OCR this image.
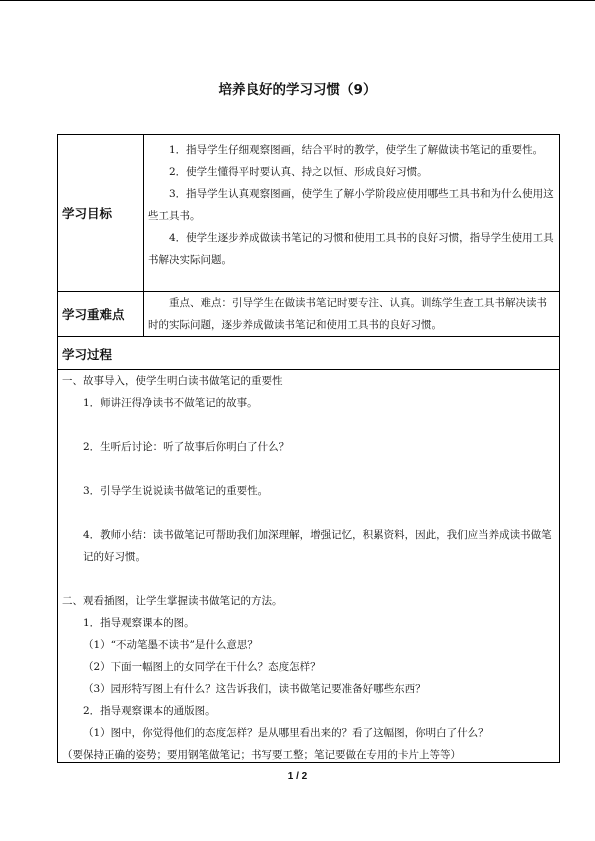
培养良好的学习习惯（9）
学习目标

1．指导学生仔细观察图画，结合平时的教学，使学生了解做读书笔记的重要性。

2．使学生懂得平时要认真、持之以恒、形成良好习惯。

3．指导学生认真观察图画，使学生了解小学阶段应使用哪些工具书和为什么使用这些工具书。

4．使学生逐步养成做读书笔记的习惯和使用工具书的良好习惯，指导学生使用工具书解决实际问题。

学习重难点

重点、难点：引导学生在做读书笔记时要专注、认真。训练学生查工具书解决读书时的实际问题，逐步养成做读书笔记和使用工具书的良好习惯。

学习过程

一、故事导入，使学生明白读书做笔记的重要性

1．师讲汪得净读书不做笔记的故事。

2．生听后讨论：听了故事后你明白了什么？

3．引导学生说说读书做笔记的重要性。

4．教师小结：读书做笔记可帮助我们加深理解，增强记忆，积累资料，因此，我们应当养成读书做笔记的好习惯。

二、观看插图，让学生掌握读书做笔记的方法。

1．指导观察课本的图。

（1）“不动笔墨不读书”是什么意思？

（2）下面一幅图上的女同学在干什么？态度怎样？

（3）园形特写图上有什么？这告诉我们，读书做笔记要准备好哪些东西？

2．指导观察课本的通版图。

（1）图中，你觉得他们的态度怎样？是从哪里看出来的？看了这幅图，你明白了什么？

（要保持正确的姿势；要用钢笔做笔记；书写要工整；笔记要做在专用的卡片上等等）

1 / 2
